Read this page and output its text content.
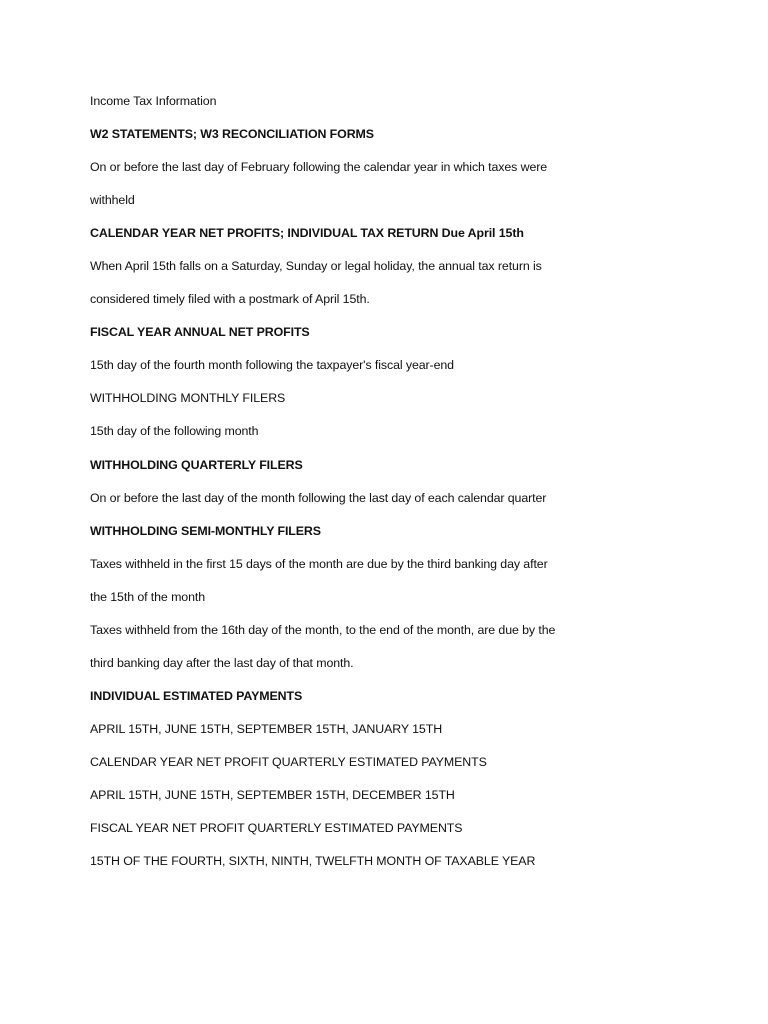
Income Tax Information
W2 STATEMENTS; W3 RECONCILIATION FORMS
On or before the last day of February following the calendar year in which taxes were
withheld
CALENDAR YEAR NET PROFITS; INDIVIDUAL TAX RETURN Due April 15th
When April 15th falls on a Saturday, Sunday or legal holiday, the annual tax return is
considered timely filed with a postmark of April 15th.
FISCAL YEAR ANNUAL NET PROFITS
15th day of the fourth month following the taxpayer's fiscal year-end
WITHHOLDING MONTHLY FILERS
15th day of the following month
WITHHOLDING QUARTERLY FILERS
On or before the last day of the month following the last day of each calendar quarter
WITHHOLDING SEMI-MONTHLY FILERS
Taxes withheld in the first 15 days of the month are due by the third banking day after
the 15th of the month
Taxes withheld from the 16th day of the month, to the end of the month, are due by the
third banking day after the last day of that month.
INDIVIDUAL ESTIMATED PAYMENTS
APRIL 15TH, JUNE 15TH, SEPTEMBER 15TH, JANUARY 15TH
CALENDAR YEAR NET PROFIT QUARTERLY ESTIMATED PAYMENTS
APRIL 15TH, JUNE 15TH, SEPTEMBER 15TH, DECEMBER 15TH
FISCAL YEAR NET PROFIT QUARTERLY ESTIMATED PAYMENTS
15TH OF THE FOURTH, SIXTH, NINTH, TWELFTH MONTH OF TAXABLE YEAR
